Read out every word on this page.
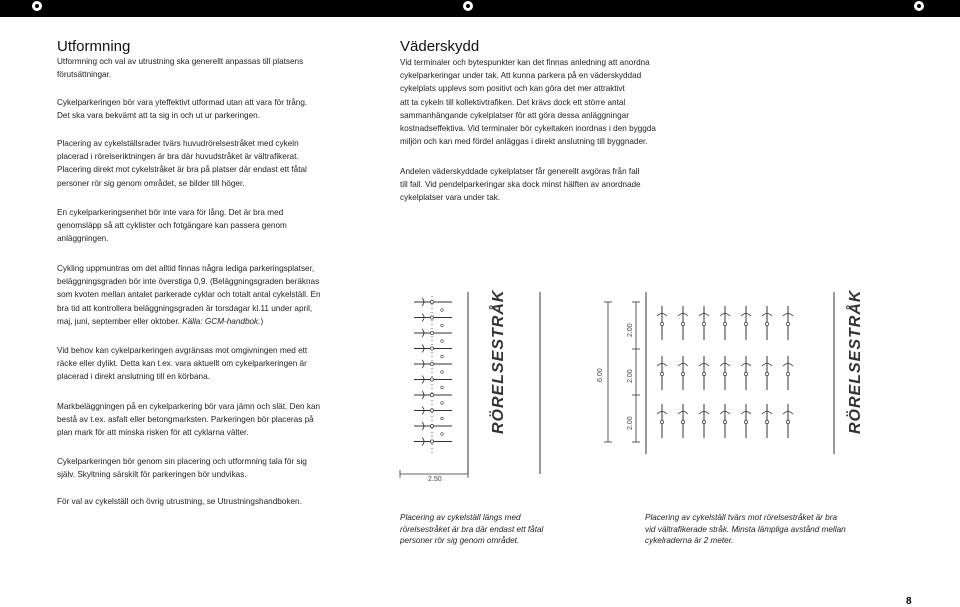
Utformning
Utformning och val av utrustning ska generellt anpassas till platsens
förutsättningar.
Cykelparkeringen bör vara yteffektivt utformad utan att vara för trång.
Det ska vara bekvämt att ta sig in och ut ur parkeringen.
Placering av cykelställsrader tvärs huvudrörelsestråket med cykeln
placerad i rörelseriktningen är bra där huvudstråket är vältrafikerat.
Placering direkt mot cykelstråket är bra på platser där endast ett fåtal
personer rör sig genom området, se bilder till höger.
En cykelparkeringsenhet bör inte vara för lång. Det är bra med
genomsläpp så att cyklister och fotgängare kan passera genom
anläggningen.
Cykling uppmuntras om det alltid finnas några lediga parkeringsplatser,
beläggningsgraden bör inte överstiga 0,9. (Beläggningsgraden beräknas
som kvoten mellan antalet parkerade cyklar och totalt antal cykelställ. En
bra tid att kontrollera beläggningsgraden är torsdagar kl.11 under april,
maj, juni, september eller oktober. Källa: GCM-handbok.)
Vid behov kan cykelparkeringen avgränsas mot omgivningen med ett
räcke eller dylikt. Detta kan t.ex. vara aktuellt om cykelparkeringen är
placerad i direkt anslutning till en körbana.
Markbeläggningen på en cykelparkering bör vara jämn och slät. Den kan
bestå av t.ex. asfalt eller betongmarksten. Parkeringen bör placeras på
plan mark för att minska risken för att cyklarna välter.
Cykelparkeringen bör genom sin placering och utformning tala för sig
själv. Skyltning särskilt för parkeringen bör undvikas.
För val av cykelställ och övrig utrustning, se Utrustningshandboken.
Väderskydd
Vid terminaler och bytespunkter kan det finnas anledning att anordna
cykelparkeringar under tak. Att kunna parkera på en väderskyddad
cykelplats upplevs som positivt och kan göra det mer attraktivt
att ta cykeln till kollektivtrafiken. Det krävs dock ett större antal
sammanhängande cykelplatser för att göra dessa anläggningar
kostnadseffektiva. Vid terminaler bör cykeltaken inordnas i den byggda
miljön och kan med fördel anläggas i direkt anslutning till byggnader.
Andelen väderskyddade cykelplatser får generellt avgöras från fall
till fall. Vid pendelparkeringar ska dock minst hälften av anordnade
cykelplatser vara under tak.
2.50
RÖRELSESTRÅK	6.00
2.00
2.00
2.00	RÖRELSESTRÅK
Placering av cykelställ längs med
rörelsestråket är bra där endast ett fåtal
personer rör sig genom området.
Placering av cykelställ tvärs mot rörelsestråket är bra
vid vältrafikerade stråk. Minsta lämpliga avstånd mellan
cykelraderna är 2 meter.
8
